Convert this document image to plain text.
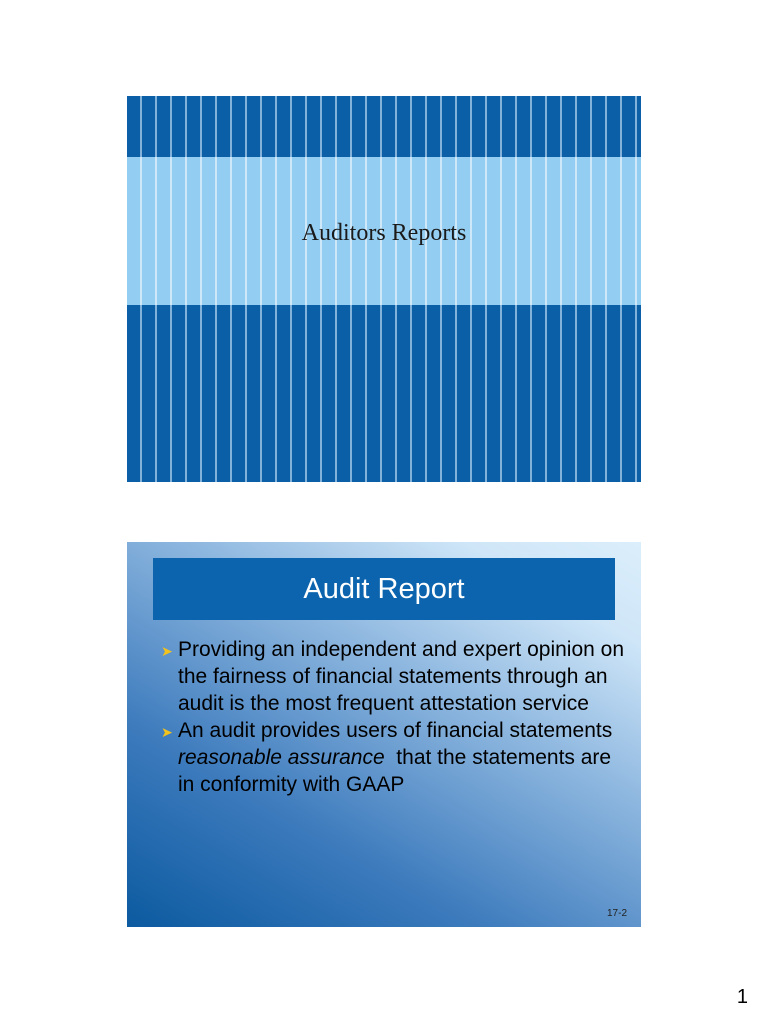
Auditors Reports
Audit Report
➤ Providing an independent and expert opinion on the fairness of financial statements through an audit is the most frequent attestation service
➤ An audit provides users of financial statements reasonable assurance  that the statements are in conformity with GAAP
17-2
1
